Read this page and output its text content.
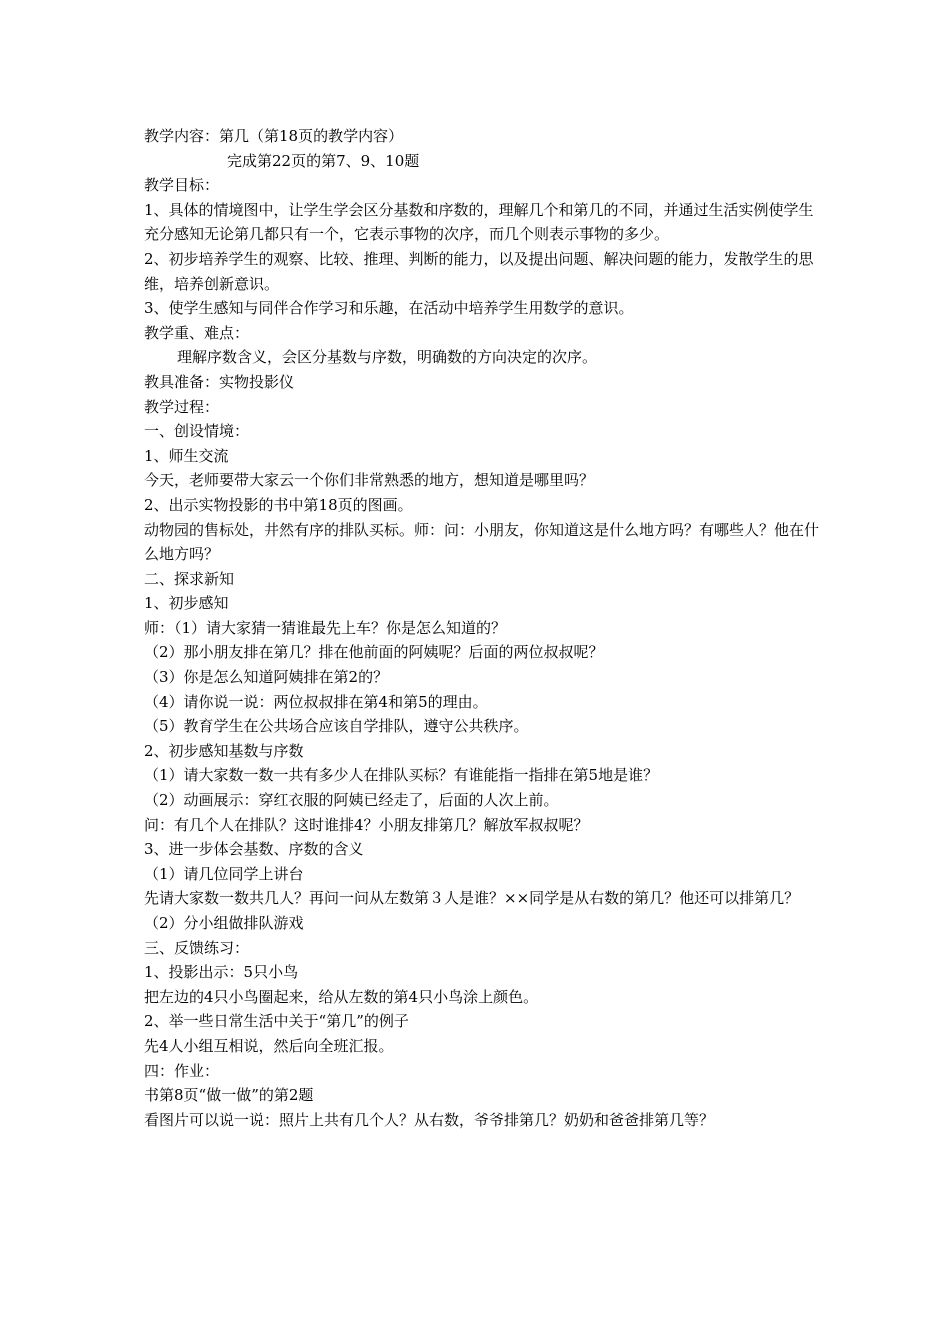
教学内容：第几（第18页的教学内容）

完成第22页的第7、9、10题

教学目标：

1、具体的情境图中，让学生学会区分基数和序数的，理解几个和第几的不同，并通过生活实例使学生充分感知无论第几都只有一个，它表示事物的次序，而几个则表示事物的多少。

2、初步培养学生的观察、比较、推理、判断的能力，以及提出问题、解决问题的能力，发散学生的思维，培养创新意识。

3、使学生感知与同伴合作学习和乐趣，在活动中培养学生用数学的意识。

教学重、难点：

理解序数含义，会区分基数与序数，明确数的方向决定的次序。

教具准备：实物投影仪

教学过程：

一、创设情境：

1、师生交流

今天，老师要带大家云一个你们非常熟悉的地方，想知道是哪里吗？

2、出示实物投影的书中第18页的图画。

动物园的售标处，井然有序的排队买标。师：问：小朋友，你知道这是什么地方吗？有哪些人？他在什么地方吗？

二、探求新知

1、初步感知

师：（1）请大家猜一猜谁最先上车？你是怎么知道的？

（2）那小朋友排在第几？排在他前面的阿姨呢？后面的两位叔叔呢？

（3）你是怎么知道阿姨排在第2的？

（4）请你说一说：两位叔叔排在第4和第5的理由。

（5）教育学生在公共场合应该自学排队，遵守公共秩序。

2、初步感知基数与序数

（1）请大家数一数一共有多少人在排队买标？有谁能指一指排在第5地是谁？

（2）动画展示：穿红衣服的阿姨已经走了，后面的人次上前。

问：有几个人在排队？这时谁排4？小朋友排第几？解放军叔叔呢？

3、进一步体会基数、序数的含义

（1）请几位同学上讲台

先请大家数一数共几人？再问一问从左数第３人是谁？××同学是从右数的第几？他还可以排第几？

（2）分小组做排队游戏

三、反馈练习：

1、投影出示：5只小鸟

把左边的4只小鸟圈起来，给从左数的第4只小鸟涂上颜色。

2、举一些日常生活中关于“第几”的例子

先4人小组互相说，然后向全班汇报。

四：作业：

书第8页“做一做”的第2题

看图片可以说一说：照片上共有几个人？从右数，爷爷排第几？奶奶和爸爸排第几等？
